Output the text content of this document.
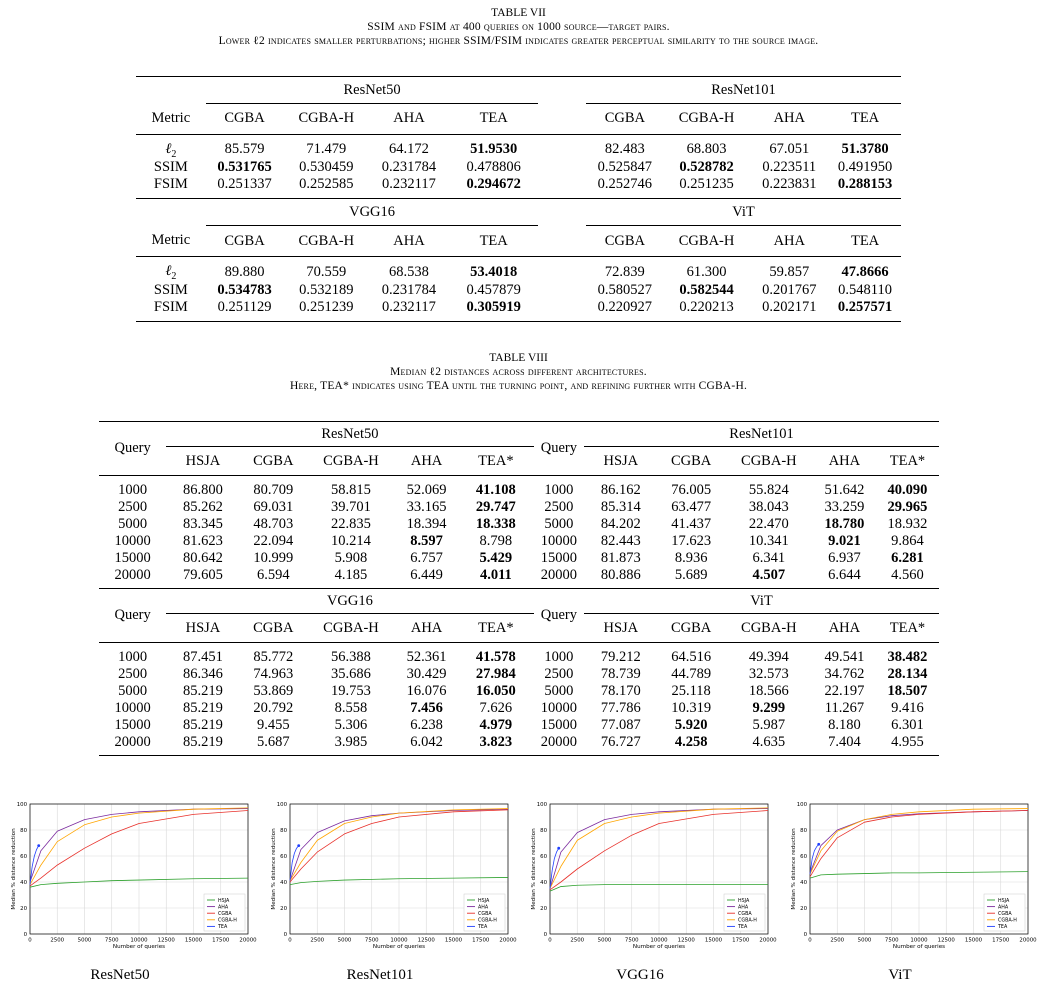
TABLE VII
SSIM and FSIM at 400 queries on 1000 source—target pairs.
Lower ℓ2 indicates smaller perturbations; higher SSIM/FSIM indicates greater perceptual similarity to the source image.
	ResNet50					ResNet101			
Metric	CGBA	CGBA-H	AHA	TEA		CGBA	CGBA-H	AHA	TEA
ℓ$_2$	85.579	71.479	64.172	51.9530		82.483	68.803	67.051	51.3780
SSIM	0.531765	0.530459	0.231784	0.478806		0.525847	0.528782	0.223511	0.491950
FSIM	0.251337	0.252585	0.232117	0.294672		0.252746	0.251235	0.223831	0.288153
	VGG16					ViT			
Metric	CGBA	CGBA-H	AHA	TEA		CGBA	CGBA-H	AHA	TEA
ℓ$_2$	89.880	70.559	68.538	53.4018		72.839	61.300	59.857	47.8666
SSIM	0.534783	0.532189	0.231784	0.457879		0.580527	0.582544	0.201767	0.548110
FSIM	0.251129	0.251239	0.232117	0.305919		0.220927	0.220213	0.202171	0.257571
TABLE VIII
Median ℓ2 distances across different architectures.
Here, TEA* indicates using TEA until the turning point, and refining further with CGBA-H.
Query	ResNet50					Query	ResNet101				
	HSJA	CGBA	CGBA-H	AHA	TEA*		HSJA	CGBA	CGBA-H	AHA	TEA*
1000	86.800	80.709	58.815	52.069	41.108	1000	86.162	76.005	55.824	51.642	40.090
2500	85.262	69.031	39.701	33.165	29.747	2500	85.314	63.477	38.043	33.259	29.965
5000	83.345	48.703	22.835	18.394	18.338	5000	84.202	41.437	22.470	18.780	18.932
10000	81.623	22.094	10.214	8.597	8.798	10000	82.443	17.623	10.341	9.021	9.864
15000	80.642	10.999	5.908	6.757	5.429	15000	81.873	8.936	6.341	6.937	6.281
20000	79.605	6.594	4.185	6.449	4.011	20000	80.886	5.689	4.507	6.644	4.560
Query	VGG16					Query	ViT				
	HSJA	CGBA	CGBA-H	AHA	TEA*		HSJA	CGBA	CGBA-H	AHA	TEA*
1000	87.451	85.772	56.388	52.361	41.578	1000	79.212	64.516	49.394	49.541	38.482
2500	86.346	74.963	35.686	30.429	27.984	2500	78.739	44.789	32.573	34.762	28.134
5000	85.219	53.869	19.753	16.076	16.050	5000	78.170	25.118	18.566	22.197	18.507
10000	85.219	20.792	8.558	7.456	7.626	10000	77.786	10.319	9.299	11.267	9.416
15000	85.219	9.455	5.306	6.238	4.979	15000	77.087	5.920	5.987	8.180	6.301
20000	85.219	5.687	3.985	6.042	3.823	20000	76.727	4.258	4.635	7.404	4.955
0	2500	5000	7500 10000 12500 15000 17500 20000
0
20
40
60
80
100
Number of queries
Median % distance reduction	HSJA
AHA
CGBA
CGBA-H
TEA
ResNet50
0	2500	5000	7500 10000 12500 15000 17500 20000
0
20
40
60
80
100
Number of queries
Median % distance reduction	HSJA
AHA
CGBA
CGBA-H
TEA
ResNet101
0	2500	5000	7500 10000 12500 15000 17500 20000
0
20
40
60
80
100
Number of queries
Median % distance reduction	HSJA
AHA
CGBA
CGBA-H
TEA
VGG16
0	2500	5000	7500 10000 12500 15000 17500 20000
0
20
40
60
80
100
Number of queries
Median % distance reduction	HSJA
AHA
CGBA
CGBA-H
TEA
ViT
